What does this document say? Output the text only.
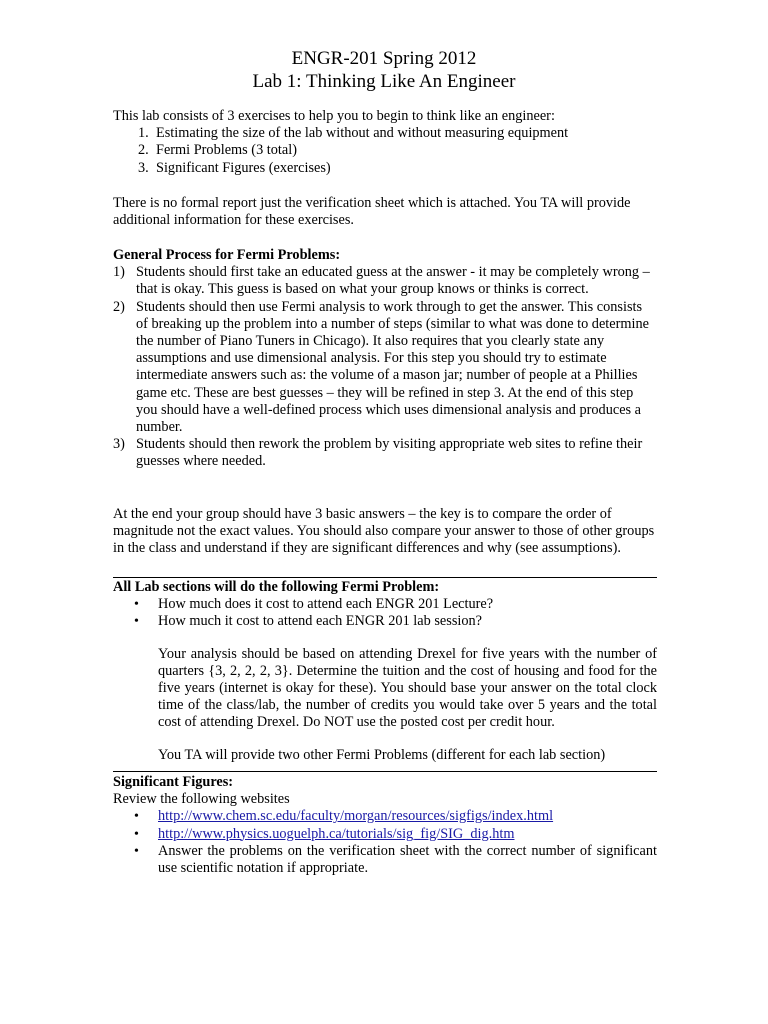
ENGR-201 Spring 2012
Lab 1: Thinking Like An Engineer

This lab consists of 3 exercises to help you to begin to think like an engineer:

1. Estimating the size of the lab without and without measuring equipment
2. Fermi Problems (3 total)
3. Significant Figures (exercises)

There is no formal report just the verification sheet which is attached. You TA will provide additional information for these exercises.

General Process for Fermi Problems:

1) Students should first take an educated guess at the answer - it may be completely wrong – that is okay. This guess is based on what your group knows or thinks is correct.
2) Students should then use Fermi analysis to work through to get the answer. This consists of breaking up the problem into a number of steps (similar to what was done to determine the number of Piano Tuners in Chicago). It also requires that you clearly state any assumptions and use dimensional analysis. For this step you should try to estimate intermediate answers such as: the volume of a mason jar; number of people at a Phillies game etc. These are best guesses – they will be refined in step 3. At the end of this step you should have a well-defined process which uses dimensional analysis and produces a number.
3) Students should then rework the problem by visiting appropriate web sites to refine their guesses where needed.

At the end your group should have 3 basic answers – the key is to compare the order of magnitude not the exact values. You should also compare your answer to those of other groups in the class and understand if they are significant differences and why (see assumptions).

All Lab sections will do the following Fermi Problem:

• How much does it cost to attend each ENGR 201 Lecture?
• How much it cost to attend each ENGR 201 lab session?

Your analysis should be based on attending Drexel for five years with the number of quarters {3, 2, 2, 2, 3}. Determine the tuition and the cost of housing and food for the five years (internet is okay for these). You should base your answer on the total clock time of the class/lab, the number of credits you would take over 5 years and the total cost of attending Drexel. Do NOT use the posted cost per credit hour.

You TA will provide two other Fermi Problems (different for each lab section)

Significant Figures:

Review the following websites

• http://www.chem.sc.edu/faculty/morgan/resources/sigfigs/index.html
• http://www.physics.uoguelph.ca/tutorials/sig_fig/SIG_dig.htm
• Answer the problems on the verification sheet with the correct number of significant use scientific notation if appropriate.
